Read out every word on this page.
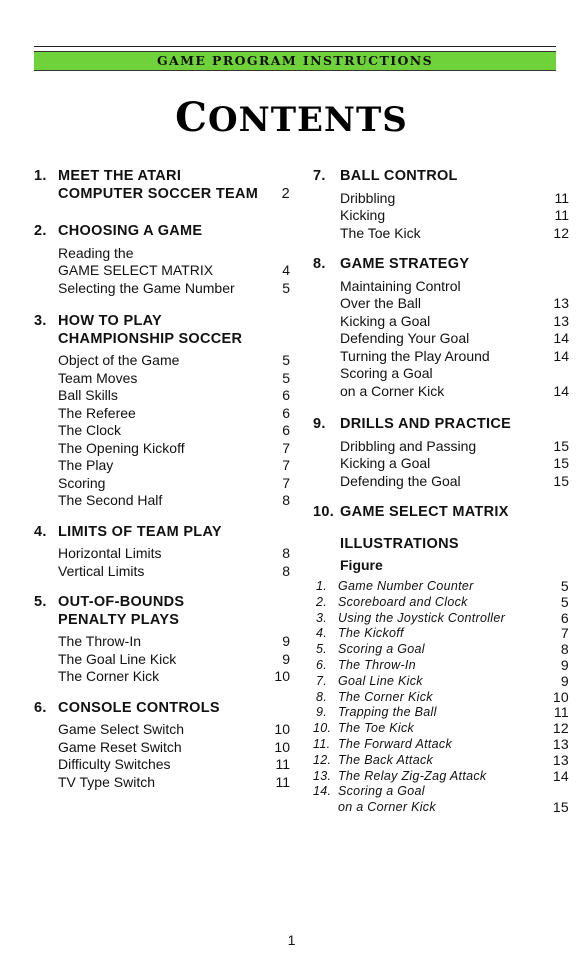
GAME PROGRAM INSTRUCTIONS
CONTENTS
1. MEET THE ATARI
COMPUTER SOCCER TEAM	2
2. CHOOSING A GAME
Reading the
GAME SELECT MATRIX	4
Selecting the Game Number	5
3. HOW TO PLAY
CHAMPIONSHIP SOCCER
Object of the Game	5
Team Moves	5
Ball Skills	6
The Referee	6
The Clock	6
The Opening Kickoff	7
The Play	7
Scoring	7
The Second Half	8
4. LIMITS OF TEAM PLAY
Horizontal Limits	8
Vertical Limits	8
5. OUT-OF-BOUNDS
PENALTY PLAYS
The Throw-In	9
The Goal Line Kick	9
The Corner Kick	10
6. CONSOLE CONTROLS
Game Select Switch	10
Game Reset Switch	10
Difficulty Switches	11
TV Type Switch	11
7. BALL CONTROL
Dribbling	11
Kicking	11
The Toe Kick	12
8. GAME STRATEGY
Maintaining Control
Over the Ball	13
Kicking a Goal	13
Defending Your Goal	14
Turning the Play Around	14
Scoring a Goal
on a Corner Kick	14
9. DRILLS AND PRACTICE
Dribbling and Passing	15
Kicking a Goal	15
Defending the Goal	15
10. GAME SELECT MATRIX
ILLUSTRATIONS
Figure
1. Game Number Counter	5
2. Scoreboard and Clock	5
3. Using the Joystick Controller	6
4. The Kickoff	7
5. Scoring a Goal	8
6. The Throw-In	9
7. Goal Line Kick	9
8. The Corner Kick	10
9. Trapping the Ball	11
10. The Toe Kick	12
11. The Forward Attack	13
12. The Back Attack	13
13. The Relay Zig-Zag Attack	14
14. Scoring a Goal
on a Corner Kick	15
1
